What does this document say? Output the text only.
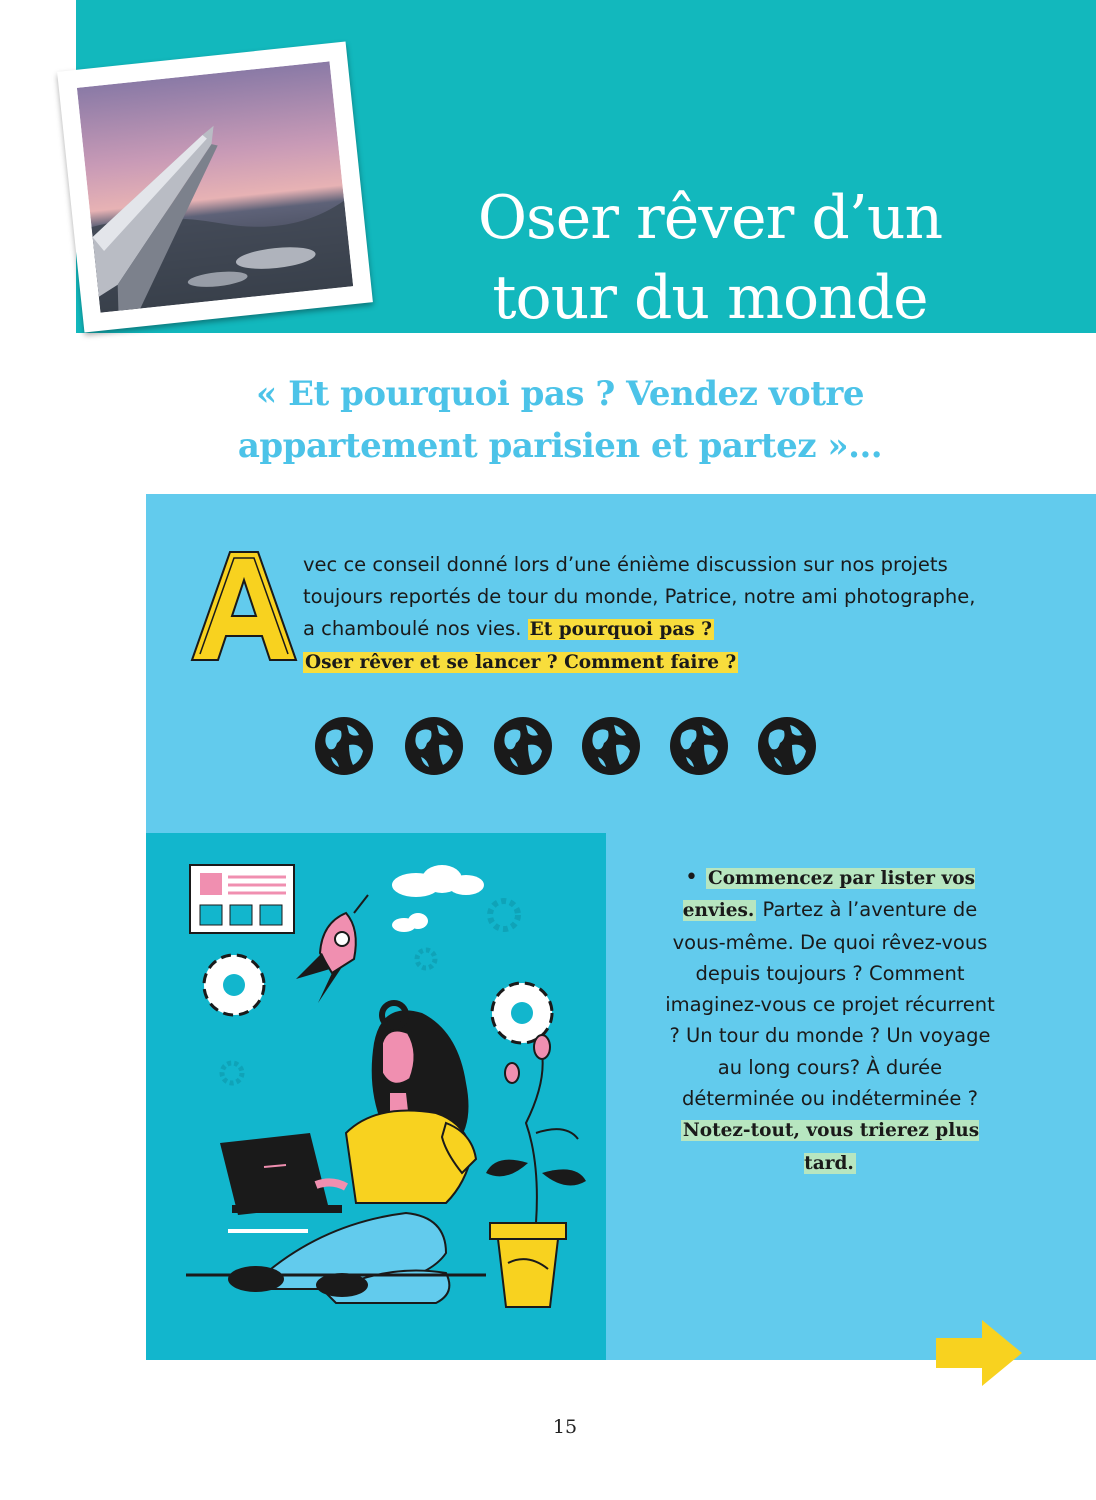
Oser rêver d’un
tour du monde
« Et pourquoi pas ? Vendez votre
appartement parisien et partez »...
A
vec ce conseil donné lors d’une énième discussion sur nos projets toujours reportés de tour du monde, Patrice, notre ami photographe, a chamboulé nos vies. Et pourquoi pas ?
Oser rêver et se lancer ? Comment faire ?
• Commencez par lister vos envies. Partez à l’aventure de vous-même. De quoi rêvez-vous depuis toujours ? Comment imaginez-vous ce projet récurrent ? Un tour du monde ? Un voyage au long cours? À durée déterminée ou indéterminée ? Notez-tout, vous trierez plus tard.
15
